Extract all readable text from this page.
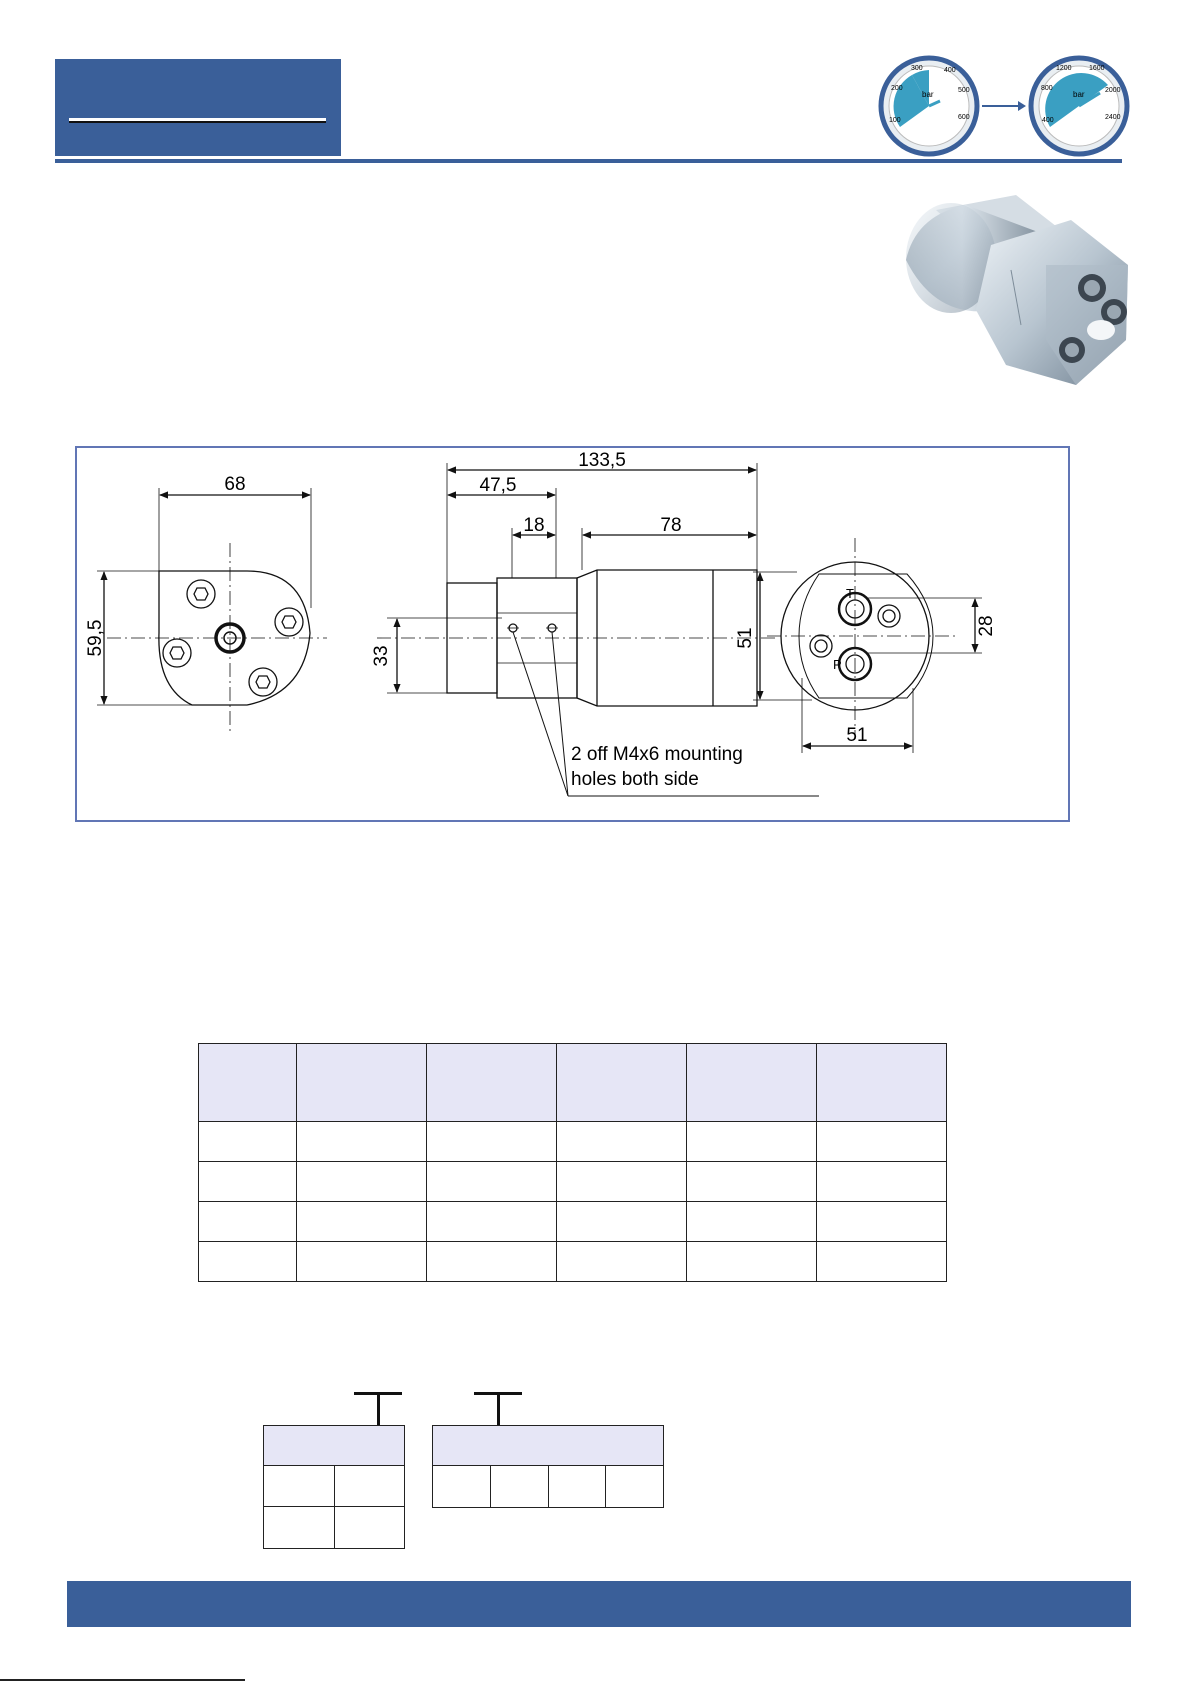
100
200
300	400
500
600
bar
400
800
1200 1600
2000
2400
bar
68
59,5
133,5
47,5
18	78
33
2 off M4x6 mounting
holes both side
T
P
51
28
51
